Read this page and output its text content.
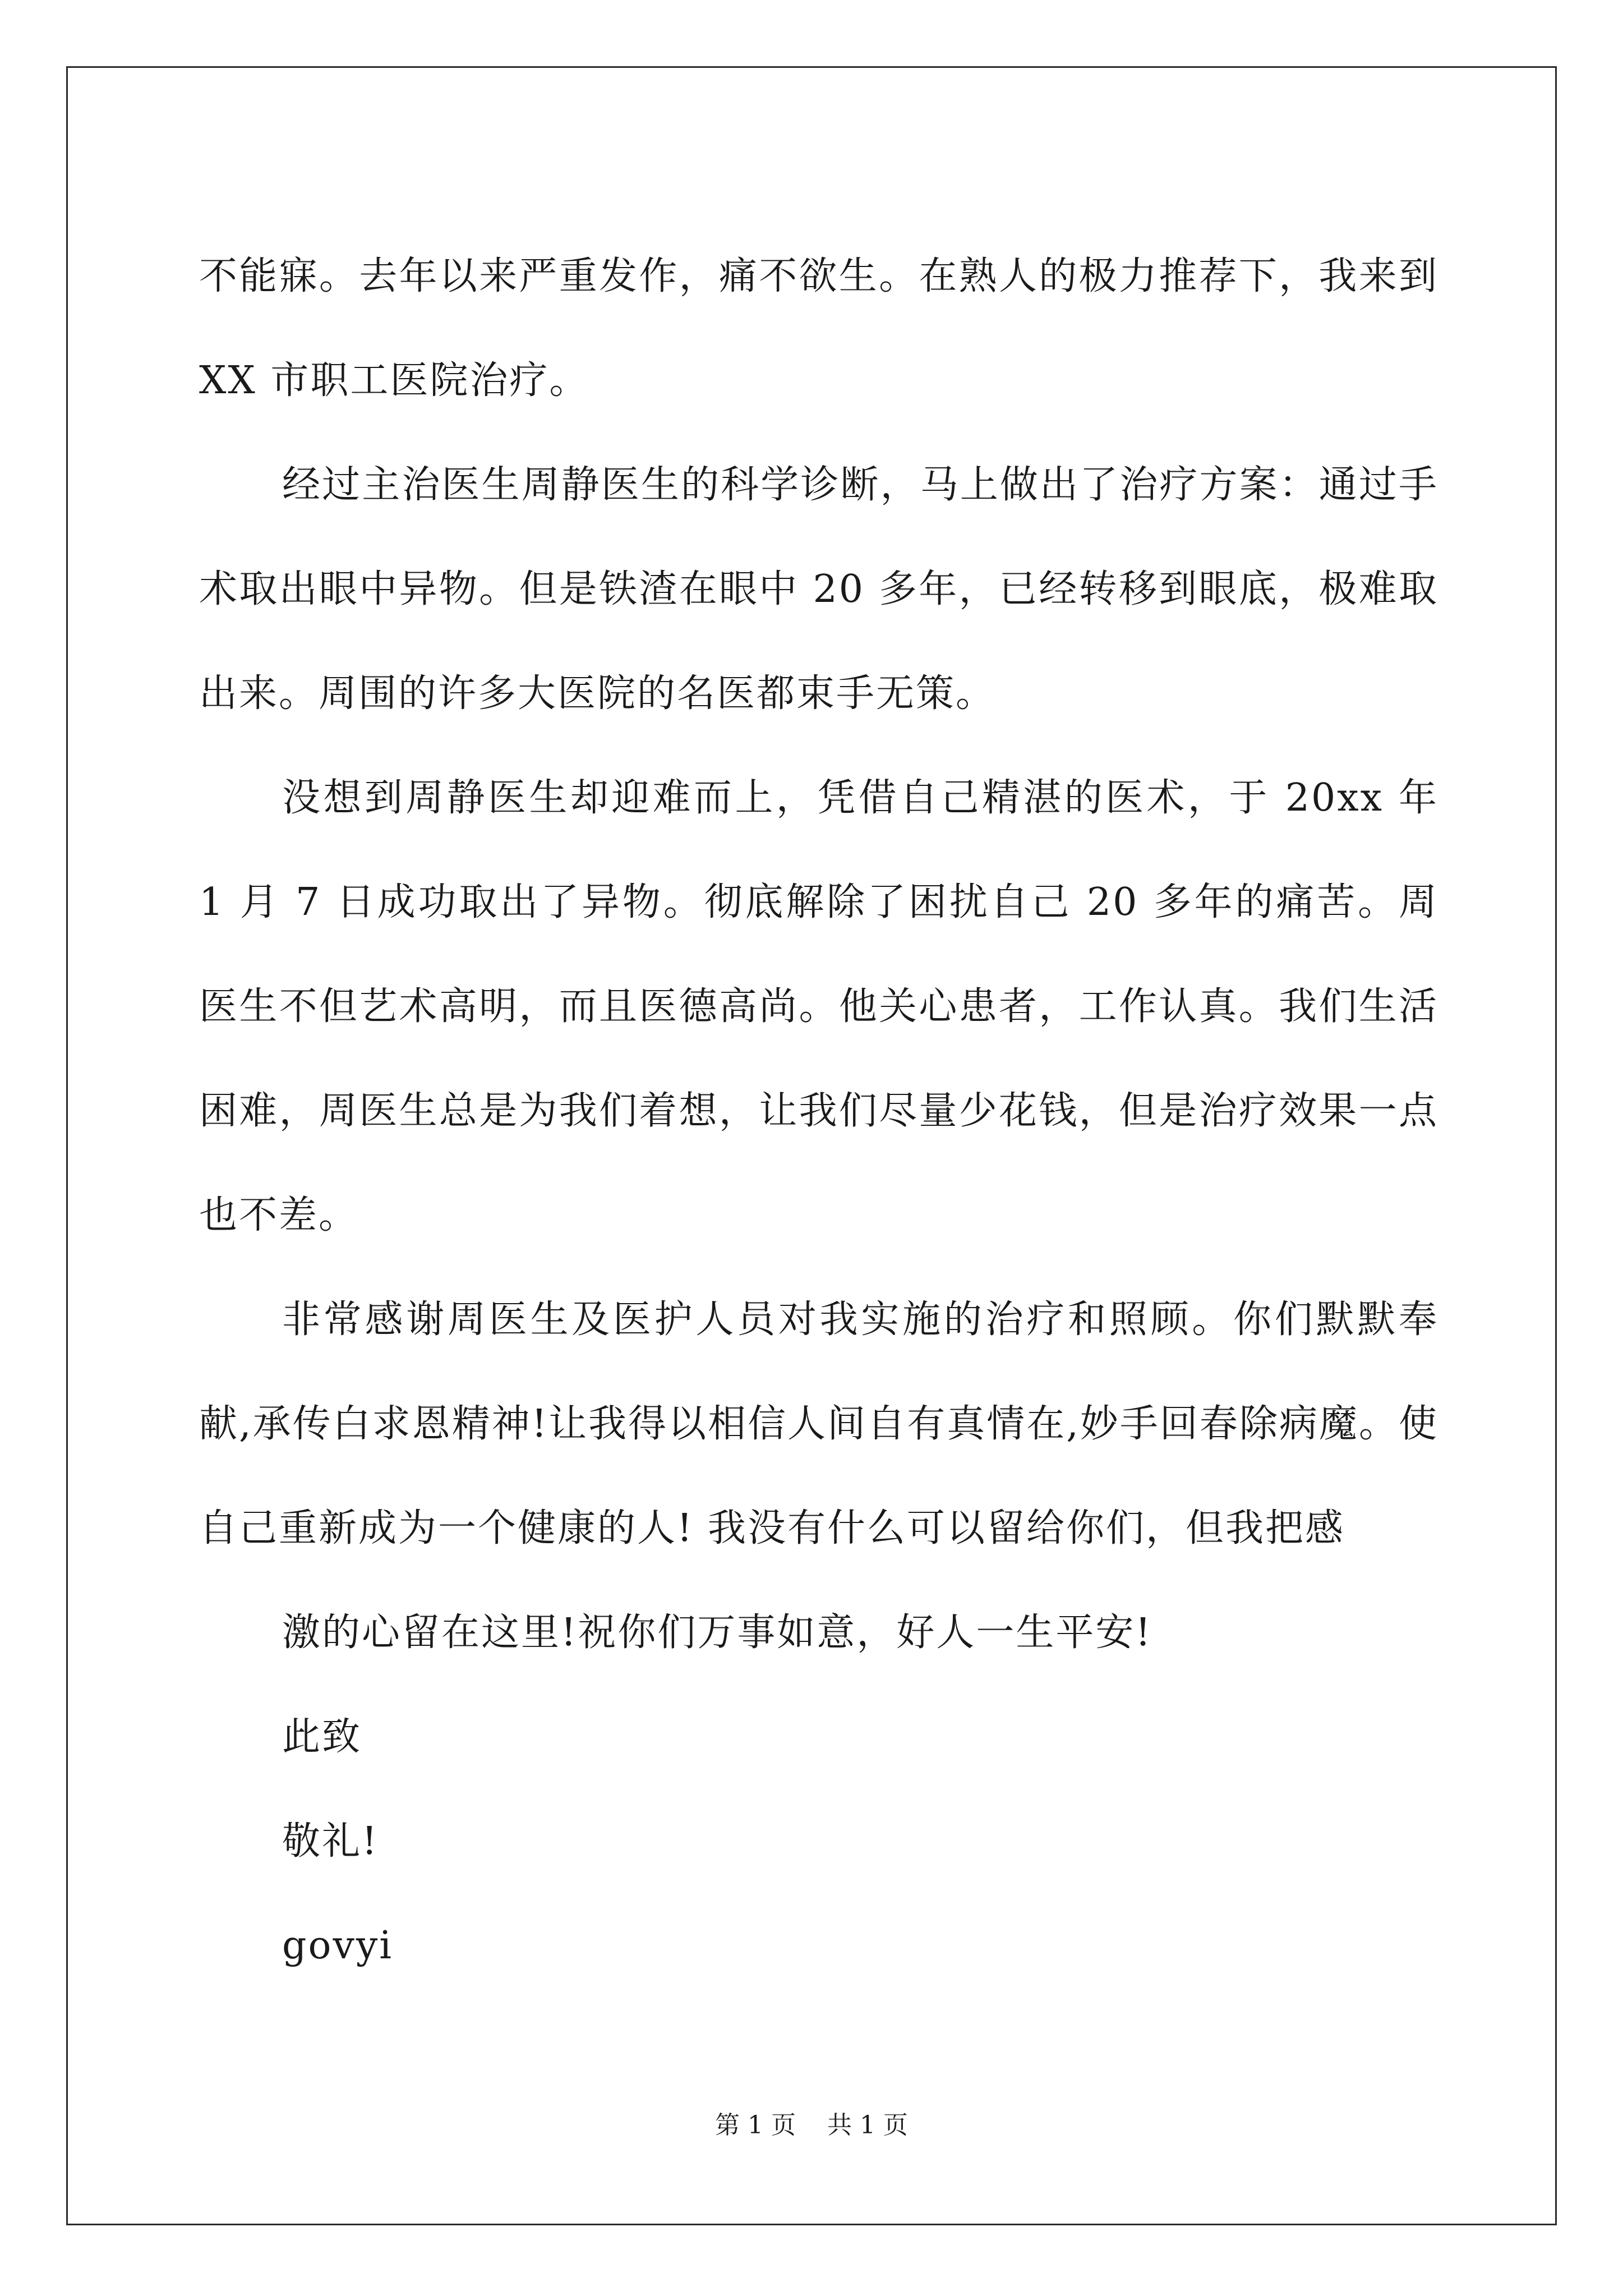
不能寐。去年以来严重发作，痛不欲生。在熟人的极力推荐下，我来到 XX 市职工医院治疗。

经过主治医生周静医生的科学诊断，马上做出了治疗方案：通过手术取出眼中异物。但是铁渣在眼中 20 多年，已经转移到眼底，极难取出来。周围的许多大医院的名医都束手无策。

没想到周静医生却迎难而上，凭借自己精湛的医术，于 20xx 年 1 月 7 日成功取出了异物。彻底解除了困扰自己 20 多年的痛苦。周医生不但艺术高明，而且医德高尚。他关心患者，工作认真。我们生活困难，周医生总是为我们着想，让我们尽量少花钱，但是治疗效果一点也不差。

非常感谢周医生及医护人员对我实施的治疗和照顾。你们默默奉献,承传白求恩精神!让我得以相信人间自有真情在,妙手回春除病魔。使自己重新成为一个健康的人! 我没有什么可以留给你们，但我把感

激的心留在这里!祝你们万事如意，好人一生平安!

此致

敬礼!

govyi

第 1 页    共 1 页
